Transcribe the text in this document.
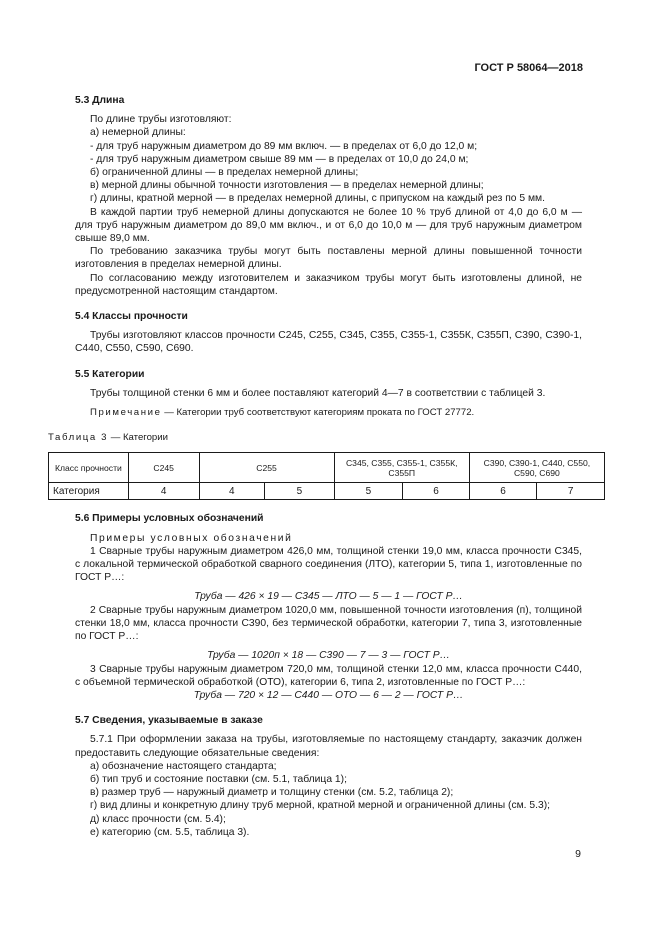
ГОСТ Р 58064—2018
5.3 Длина

По длине трубы изготовляют:

а) немерной длины:

- для труб наружным диаметром до 89 мм включ. — в пределах от 6,0 до 12,0 м;

- для труб наружным диаметром свыше 89 мм — в пределах от 10,0 до 24,0 м;

б) ограниченной длины — в пределах немерной длины;

в) мерной длины обычной точности изготовления — в пределах немерной длины;

г) длины, кратной мерной — в пределах немерной длины, с припуском на каждый рез по 5 мм.

В каждой партии труб немерной длины допускаются не более 10 % труб длиной от 4,0 до 6,0 м — для труб наружным диаметром до 89,0 мм включ., и от 6,0 до 10,0 м — для труб наружным диаметром свыше 89,0 мм.

По требованию заказчика трубы могут быть поставлены мерной длины повышенной точности изготовления в пределах немерной длины.

По согласованию между изготовителем и заказчиком трубы могут быть изготовлены длиной, не предусмотренной настоящим стандартом.

5.4 Классы прочности

Трубы изготовляют классов прочности С245, С255, С345, С355, С355-1, С355К, С355П, С390, С390-1, С440, С550, С590, С690.

5.5 Категории

Трубы толщиной стенки 6 мм и более поставляют категорий 4—7 в соответствии с таблицей 3.

Примечание — Категории труб соответствуют категориям проката по ГОСТ 27772.

Таблица 3 — Категории
Класс прочности	С245	С255		С345, С355, С355-1, С355К, С355П		С390, С390-1, С440, С550, С590, С690	
Категория	4	4	5	5	6	6	7
5.6 Примеры условных обозначений

Примеры условных обозначений

1 Сварные трубы наружным диаметром 426,0 мм, толщиной стенки 19,0 мм, класса прочности С345, с локальной термической обработкой сварного соединения (ЛТО), категории 5, типа 1, изготовленные по ГОСТ Р…:

Труба — 426 × 19 — С345 — ЛТО — 5 — 1 — ГОСТ Р…

2 Сварные трубы наружным диаметром 1020,0 мм, повышенной точности изготовления (п), толщиной стенки 18,0 мм, класса прочности С390, без термической обработки, категории 7, типа 3, изготовленные по ГОСТ Р…:

Труба — 1020п × 18 — С390 — 7 — 3 — ГОСТ Р…

3 Сварные трубы наружным диаметром 720,0 мм, толщиной стенки 12,0 мм, класса прочности С440, с объемной термической обработкой (ОТО), категории 6, типа 2, изготовленные по ГОСТ Р…:

Труба — 720 × 12 — С440 — ОТО — 6 — 2 — ГОСТ Р…

5.7 Сведения, указываемые в заказе

5.7.1 При оформлении заказа на трубы, изготовляемые по настоящему стандарту, заказчик должен предоставить следующие обязательные сведения:

а) обозначение настоящего стандарта;

б) тип труб и состояние поставки (см. 5.1, таблица 1);

в) размер труб — наружный диаметр и толщину стенки (см. 5.2, таблица 2);

г) вид длины и конкретную длину труб мерной, кратной мерной и ограниченной длины (см. 5.3);

д) класс прочности (см. 5.4);

е) категорию (см. 5.5, таблица 3).

9
